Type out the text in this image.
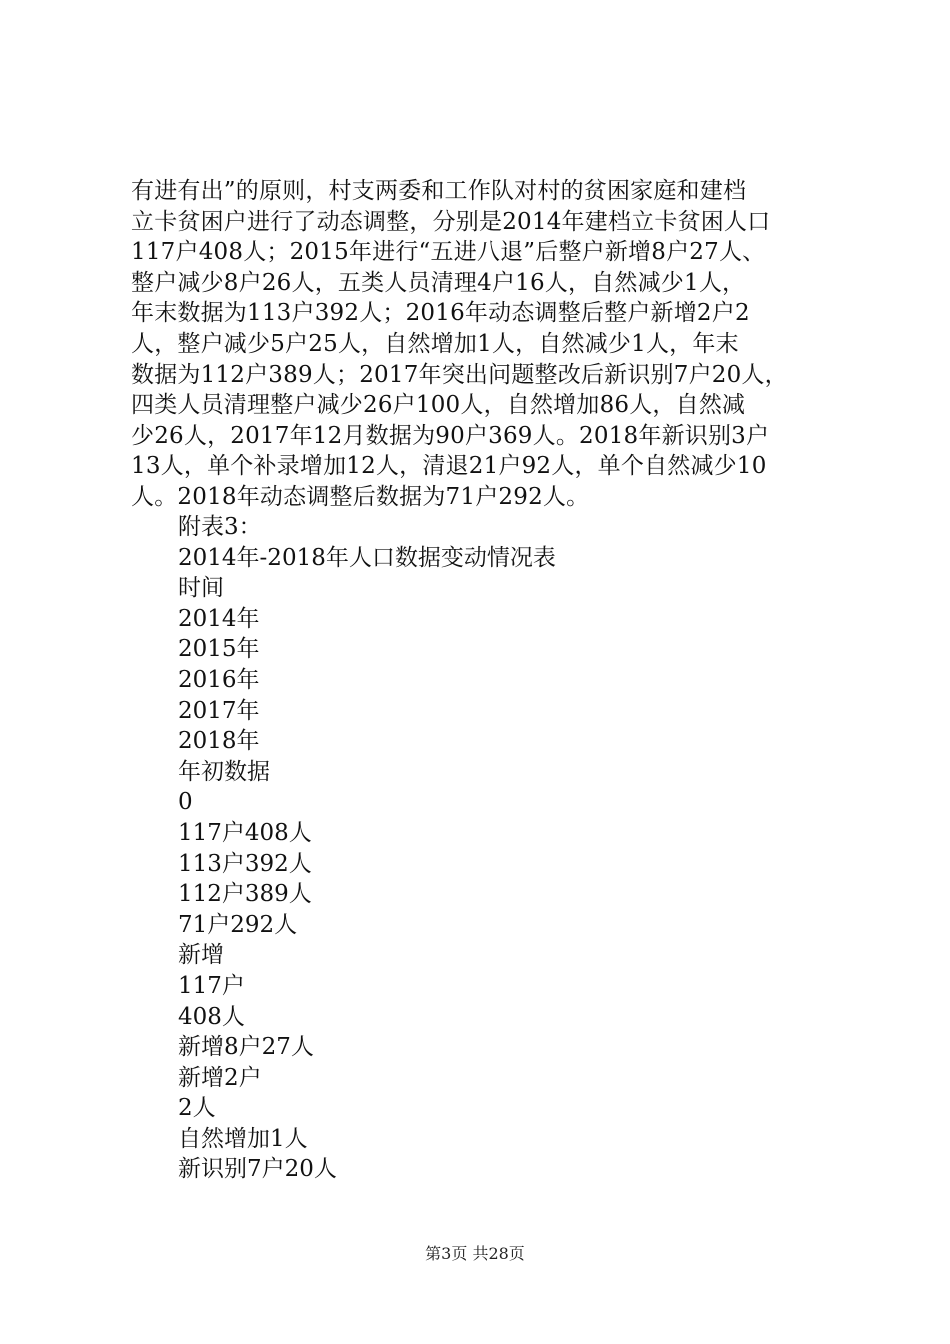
有进有出”的原则，村支两委和工作队对村的贫困家庭和建档
立卡贫困户进行了动态调整，分别是2014年建档立卡贫困人口
117户408人；2015年进行“五进八退”后整户新增8户27人、
整户减少8户26人，五类人员清理4户16人，自然减少1人，
年末数据为113户392人；2016年动态调整后整户新增2户2
人，整户减少5户25人，自然增加1人，自然减少1人，年末
数据为112户389人；2017年突出问题整改后新识别7户20人，
四类人员清理整户减少26户100人，自然增加86人，自然减
少26人，2017年12月数据为90户369人。2018年新识别3户
13人，单个补录增加12人，清退21户92人，单个自然减少10
人。2018年动态调整后数据为71户292人。
附表3：
2014年-2018年人口数据变动情况表
时间
2014年
2015年
2016年
2017年
2018年
年初数据
0
117户408人
113户392人
112户389人
71户292人
新增
117户
408人
新增8户27人
新增2户
2人
自然增加1人
新识别7户20人
第3页 共28页
